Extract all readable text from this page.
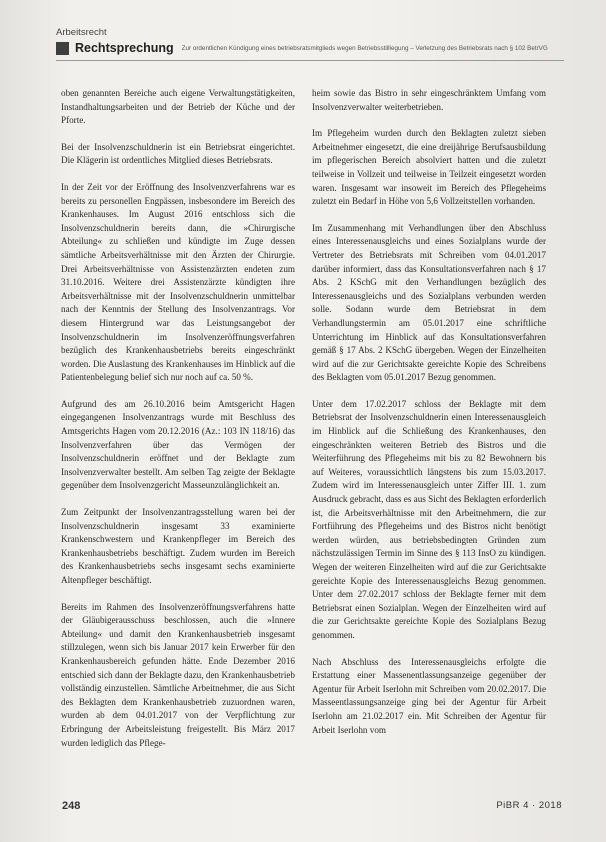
Arbeitsrecht
Rechtsprechung Zur ordentlichen Kündigung eines betriebsratsmitglieds wegen Betriebsstilllegung – Verletzung des Betriebsrats nach § 102 BetrVG

oben genannten Bereiche auch eigene Verwaltungstätigkeiten, Instandhaltungsarbeiten und der Betrieb der Küche und der Pforte.

Bei der Insolvenzschuldnerin ist ein Betriebsrat eingerichtet. Die Klägerin ist ordentliches Mitglied dieses Betriebsrats.

In der Zeit vor der Eröffnung des Insolvenzverfahrens war es bereits zu personellen Engpässen, insbesondere im Bereich des Krankenhauses. Im August 2016 entschloss sich die Insolvenzschuldnerin bereits dann, die »Chirurgische Abteilung« zu schließen und kündigte im Zuge dessen sämtliche Arbeitsverhältnisse mit den Ärzten der Chirurgie. Drei Arbeitsverhältnisse von Assistenzärzten endeten zum 31.10.2016. Weitere drei Assistenzärzte kündigten ihre Arbeitsverhältnisse mit der Insolvenzschuldnerin unmittelbar nach der Kenntnis der Stellung des Insolvenzantrags. Vor diesem Hintergrund war das Leistungsangebot der Insolvenzschuldnerin im Insolvenzeröffnungsverfahren bezüglich des Krankenhausbetriebs bereits eingeschränkt worden. Die Auslastung des Krankenhauses im Hinblick auf die Patientenbelegung belief sich nur noch auf ca. 50 %.

Aufgrund des am 26.10.2016 beim Amtsgericht Hagen eingegangenen Insolvenzantrags wurde mit Beschluss des Amtsgerichts Hagen vom 20.12.2016 (Az.: 103 IN 118/16) das Insolvenzverfahren über das Vermögen der Insolvenzschuldnerin eröffnet und der Beklagte zum Insolvenzverwalter bestellt. Am selben Tag zeigte der Beklagte gegenüber dem Insolvenzgericht Masseunzulänglichkeit an.

Zum Zeitpunkt der Insolvenzantragsstellung waren bei der Insolvenzschuldnerin insgesamt 33 examinierte Krankenschwestern und Krankenpfleger im Bereich des Krankenhausbetriebs beschäftigt. Zudem wurden im Bereich des Krankenhausbetriebs sechs insgesamt sechs examinierte Altenpfleger beschäftigt.

Bereits im Rahmen des Insolvenzeröffnungsverfahrens hatte der Gläubigerausschuss beschlossen, auch die »Innere Abteilung« und damit den Krankenhausbetrieb insgesamt stillzulegen, wenn sich bis Januar 2017 kein Erwerber für den Krankenhausbereich gefunden hätte. Ende Dezember 2016 entschied sich dann der Beklagte dazu, den Krankenhausbetrieb vollständig einzustellen. Sämtliche Arbeitnehmer, die aus Sicht des Beklagten dem Krankenhausbetrieb zuzuordnen waren, wurden ab dem 04.01.2017 von der Verpflichtung zur Erbringung der Arbeitsleistung freigestellt. Bis März 2017 wurden lediglich das Pflege-

heim sowie das Bistro in sehr eingeschränktem Umfang vom Insolvenzverwalter weiterbetrieben.

Im Pflegeheim wurden durch den Beklagten zuletzt sieben Arbeitnehmer eingesetzt, die eine dreijährige Berufsausbildung im pflegerischen Bereich absolviert hatten und die zuletzt teilweise in Vollzeit und teilweise in Teilzeit eingesetzt worden waren. Insgesamt war insoweit im Bereich des Pflegeheims zuletzt ein Bedarf in Höhe von 5,6 Vollzeitstellen vorhanden.

Im Zusammenhang mit Verhandlungen über den Abschluss eines Interessenausgleichs und eines Sozialplans wurde der Vertreter des Betriebsrats mit Schreiben vom 04.01.2017 darüber informiert, dass das Konsultationsverfahren nach § 17 Abs. 2 KSchG mit den Verhandlungen bezüglich des Interessenausgleichs und des Sozialplans verbunden werden solle. Sodann wurde dem Betriebsrat in dem Verhandlungstermin am 05.01.2017 eine schriftliche Unterrichtung im Hinblick auf das Konsultationsverfahren gemäß § 17 Abs. 2 KSchG übergeben. Wegen der Einzelheiten wird auf die zur Gerichtsakte gereichte Kopie des Schreibens des Beklagten vom 05.01.2017 Bezug genommen.

Unter dem 17.02.2017 schloss der Beklagte mit dem Betriebsrat der Insolvenzschuldnerin einen Interessenausgleich im Hinblick auf die Schließung des Krankenhauses, den eingeschränkten weiteren Betrieb des Bistros und die Weiterführung des Pflegeheims mit bis zu 82 Bewohnern bis auf Weiteres, voraussichtlich längstens bis zum 15.03.2017. Zudem wird im Interessenausgleich unter Ziffer III. 1. zum Ausdruck gebracht, dass es aus Sicht des Beklagten erforderlich ist, die Arbeitsverhältnisse mit den Arbeitnehmern, die zur Fortführung des Pflegeheims und des Bistros nicht benötigt werden würden, aus betriebsbedingten Gründen zum nächstzulässigen Termin im Sinne des § 113 InsO zu kündigen. Wegen der weiteren Einzelheiten wird auf die zur Gerichtsakte gereichte Kopie des Interessenausgleichs Bezug genommen. Unter dem 27.02.2017 schloss der Beklagte ferner mit dem Betriebsrat einen Sozialplan. Wegen der Einzelheiten wird auf die zur Gerichtsakte gereichte Kopie des Sozialplans Bezug genommen.

Nach Abschluss des Interessenausgleichs erfolgte die Erstattung einer Massenentlassungsanzeige gegenüber der Agentur für Arbeit Iserlohn mit Schreiben vom 20.02.2017. Die Masseentlassungsanzeige ging bei der Agentur für Arbeit Iserlohn am 21.02.2017 ein. Mit Schreiben der Agentur für Arbeit Iserlohn vom

248	PiBR 4 · 2018
